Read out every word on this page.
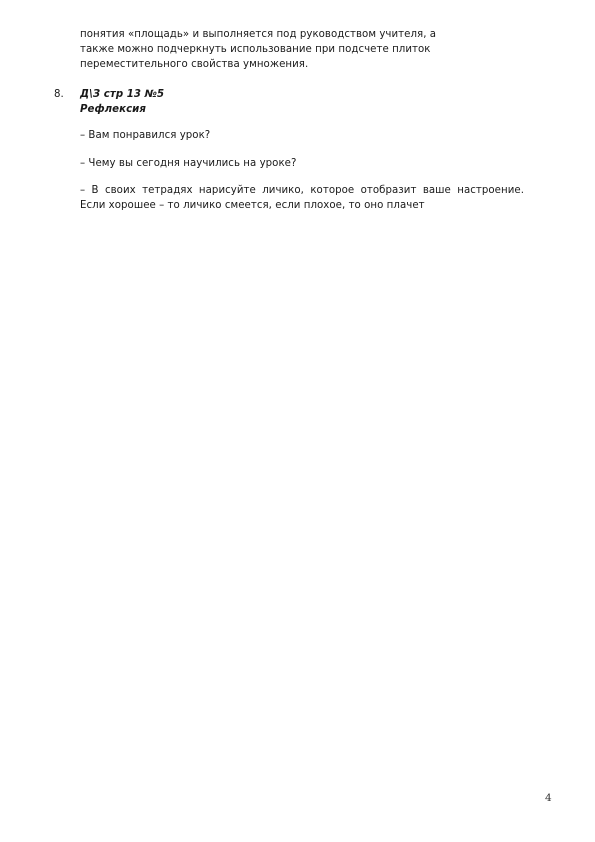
понятия «площадь» и выполняется под руководством учителя, а
также можно подчеркнуть использование при подсчете плиток
переместительного свойства умножения.
8. Д\З стр 13 №5
Рефлексия
– Вам понравился урок?
– Чему вы сегодня научились на уроке?
– В своих тетрадях нарисуйте личико, которое отобразит ваше настроение. Если хорошее – то личико смеется, если плохое, то оно плачет
4
